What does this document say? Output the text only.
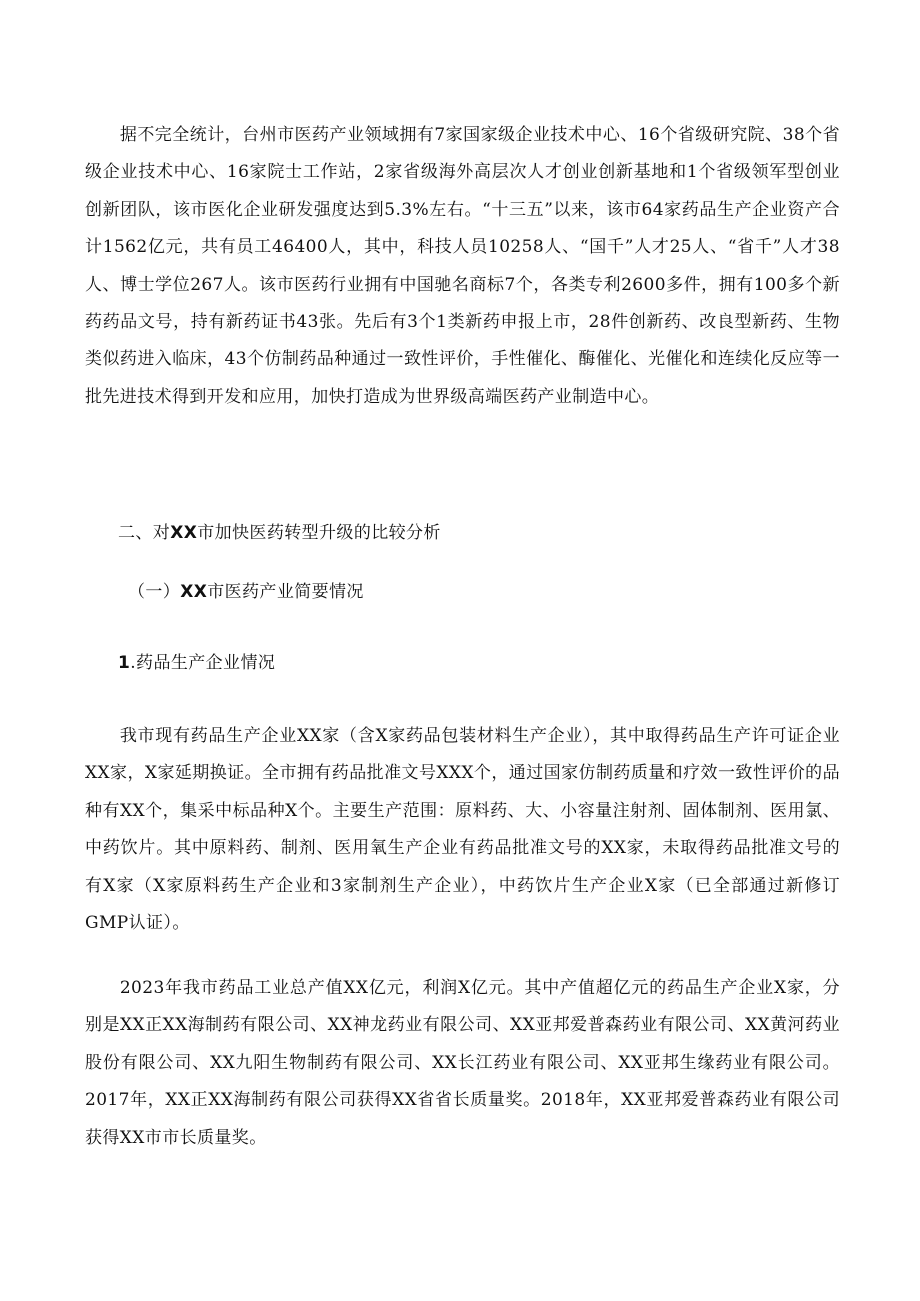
据不完全统计，台州市医药产业领域拥有7家国家级企业技术中心、16个省级研究院、38个省级企业技术中心、16家院士工作站，2家省级海外高层次人才创业创新基地和1个省级领军型创业创新团队，该市医化企业研发强度达到5.3%左右。“十三五”以来，该市64家药品生产企业资产合计1562亿元，共有员工46400人，其中，科技人员10258人、“国千”人才25人、“省千”人才38人、博士学位267人。该市医药行业拥有中国驰名商标7个，各类专利2600多件，拥有100多个新药药品文号，持有新药证书43张。先后有3个1类新药申报上市，28件创新药、改良型新药、生物类似药进入临床，43个仿制药品种通过一致性评价，手性催化、酶催化、光催化和连续化反应等一批先进技术得到开发和应用，加快打造成为世界级高端医药产业制造中心。

二、对XX市加快医药转型升级的比较分析

（一）XX市医药产业简要情况

1.药品生产企业情况

我市现有药品生产企业XX家（含X家药品包装材料生产企业），其中取得药品生产许可证企业XX家，X家延期换证。全市拥有药品批准文号XXX个，通过国家仿制药质量和疗效一致性评价的品种有XX个，集采中标品种X个。主要生产范围：原料药、大、小容量注射剂、固体制剂、医用氯、中药饮片。其中原料药、制剂、医用氧生产企业有药品批准文号的XX家，未取得药品批准文号的有X家（X家原料药生产企业和3家制剂生产企业），中药饮片生产企业X家（已全部通过新修订GMP认证）。

2023年我市药品工业总产值XX亿元，利润X亿元。其中产值超亿元的药品生产企业X家，分别是XX正XX海制药有限公司、XX神龙药业有限公司、XX亚邦爱普森药业有限公司、XX黄河药业股份有限公司、XX九阳生物制药有限公司、XX长江药业有限公司、XX亚邦生缘药业有限公司。2017年，XX正XX海制药有限公司获得XX省省长质量奖。2018年，XX亚邦爱普森药业有限公司获得XX市市长质量奖。
